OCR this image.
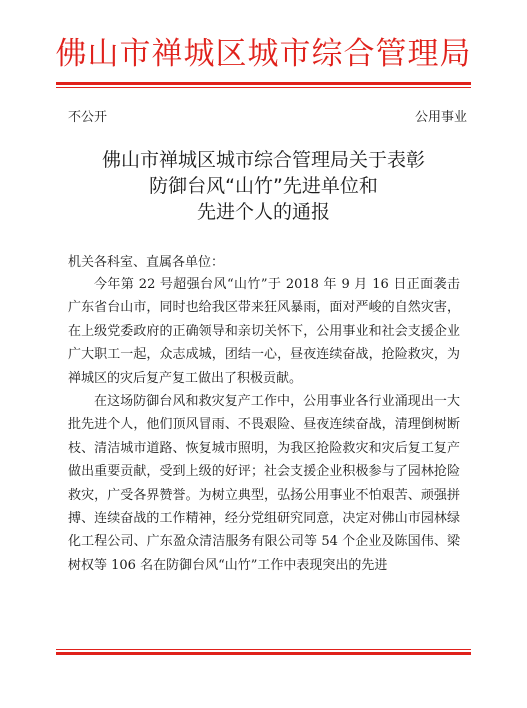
佛山市禅城区城市综合管理局
不公开	公用事业
佛山市禅城区城市综合管理局关于表彰
防御台风“山竹”先进单位和
先进个人的通报
机关各科室、直属各单位：

今年第 22 号超强台风“山竹”于 2018 年 9 月 16 日正面袭击广东省台山市，同时也给我区带来狂风暴雨，面对严峻的自然灾害，在上级党委政府的正确领导和亲切关怀下，公用事业和社会支援企业广大职工一起，众志成城，团结一心，昼夜连续奋战，抢险救灾，为禅城区的灾后复产复工做出了积极贡献。

在这场防御台风和救灾复产工作中，公用事业各行业涌现出一大批先进个人，他们顶风冒雨、不畏艰险、昼夜连续奋战，清理倒树断枝、清洁城市道路、恢复城市照明，为我区抢险救灾和灾后复工复产做出重要贡献，受到上级的好评；社会支援企业积极参与了园林抢险救灾，广受各界赞誉。为树立典型，弘扬公用事业不怕艰苦、顽强拼搏、连续奋战的工作精神，经分党组研究同意，决定对佛山市园林绿化工程公司、广东盈众清洁服务有限公司等 54 个企业及陈国伟、梁树权等 106 名在防御台风“山竹”工作中表现突出的先进
